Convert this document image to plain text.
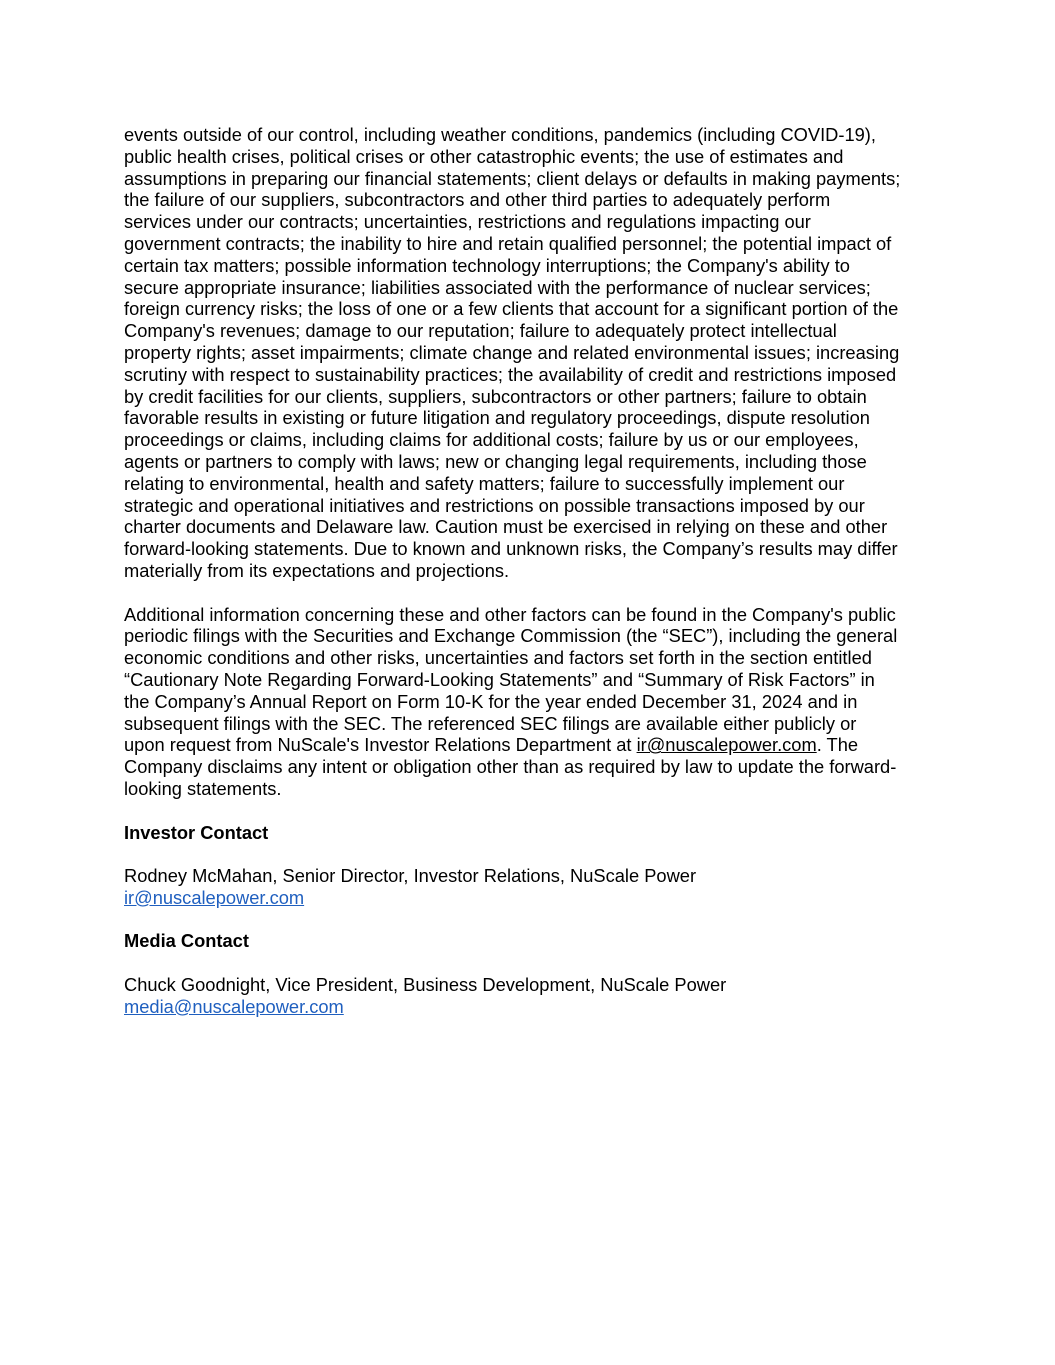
events outside of our control, including weather conditions, pandemics (including COVID-19),
public health crises, political crises or other catastrophic events; the use of estimates and
assumptions in preparing our financial statements; client delays or defaults in making payments;
the failure of our suppliers, subcontractors and other third parties to adequately perform
services under our contracts; uncertainties, restrictions and regulations impacting our
government contracts; the inability to hire and retain qualified personnel; the potential impact of
certain tax matters; possible information technology interruptions; the Company's ability to
secure appropriate insurance; liabilities associated with the performance of nuclear services;
foreign currency risks; the loss of one or a few clients that account for a significant portion of the
Company's revenues; damage to our reputation; failure to adequately protect intellectual
property rights; asset impairments; climate change and related environmental issues; increasing
scrutiny with respect to sustainability practices; the availability of credit and restrictions imposed
by credit facilities for our clients, suppliers, subcontractors or other partners; failure to obtain
favorable results in existing or future litigation and regulatory proceedings, dispute resolution
proceedings or claims, including claims for additional costs; failure by us or our employees,
agents or partners to comply with laws; new or changing legal requirements, including those
relating to environmental, health and safety matters; failure to successfully implement our
strategic and operational initiatives and restrictions on possible transactions imposed by our
charter documents and Delaware law. Caution must be exercised in relying on these and other
forward-looking statements. Due to known and unknown risks, the Company’s results may differ
materially from its expectations and projections.
Additional information concerning these and other factors can be found in the Company's public
periodic filings with the Securities and Exchange Commission (the “SEC”), including the general
economic conditions and other risks, uncertainties and factors set forth in the section entitled
“Cautionary Note Regarding Forward-Looking Statements” and “Summary of Risk Factors” in
the Company’s Annual Report on Form 10-K for the year ended December 31, 2024 and in
subsequent filings with the SEC. The referenced SEC filings are available either publicly or
upon request from NuScale's Investor Relations Department at ir@nuscalepower.com. The
Company disclaims any intent or obligation other than as required by law to update the forward-
looking statements.
Investor Contact
Rodney McMahan, Senior Director, Investor Relations, NuScale Power
ir@nuscalepower.com
Media Contact
Chuck Goodnight, Vice President, Business Development, NuScale Power
media@nuscalepower.com
